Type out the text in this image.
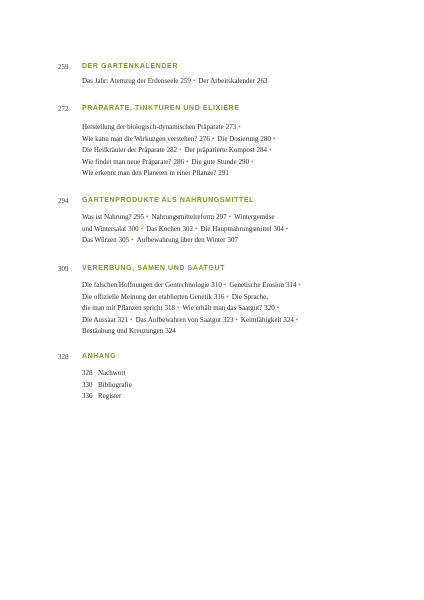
259 DER GARTENKALENDER
Das Jahr: Atemzug der Erdenseele 259 • Der Arbeitskalender 263
272 PRÄPARATE, TINKTUREN UND ELIXIERE
Herstellung der biologisch-dynamischen Präparate 273 •
Wie kann man die Wirkungen verstehen? 276 • Die Dosierung 280 •
Die Heilkräuter der Präparate 282 • Der präparierte Kompost 284 •
Wie findet man neue Präparate? 286 • Die gute Stunde 290 •
Wie erkennt man den Planeten in einer Pflanze? 291
294 GARTENPRODUKTE ALS NAHRUNGSMITTEL
Was ist Nahrung? 295 • Nahrungsmittelreform 297 • Wintergemüse
und Wintersalat 300 • Das Kochen 302 • Die Hauptnahrungsmittel 304 •
Das Würzen 305 • Aufbewahrung über den Winter 307
309 VERERBUNG, SAMEN UND SAATGUT
Die falschen Hoffnungen der Gentechnologie 310 • Genetische Erosion 314 •
Die offizielle Meinung der etablierten Genetik 316 • Die Sprache,
die man mit Pflanzen spricht 318 • Wie erhält man das Saatgut? 320 •
Die Aussaat 321 • Das Aufbewahren von Saatgut 323 • Keimfähigkeit 324 •
Bestäubung und Kreuzungen 324
328 ANHANG
328 Nachwort
330 Bibliografie
336 Register
